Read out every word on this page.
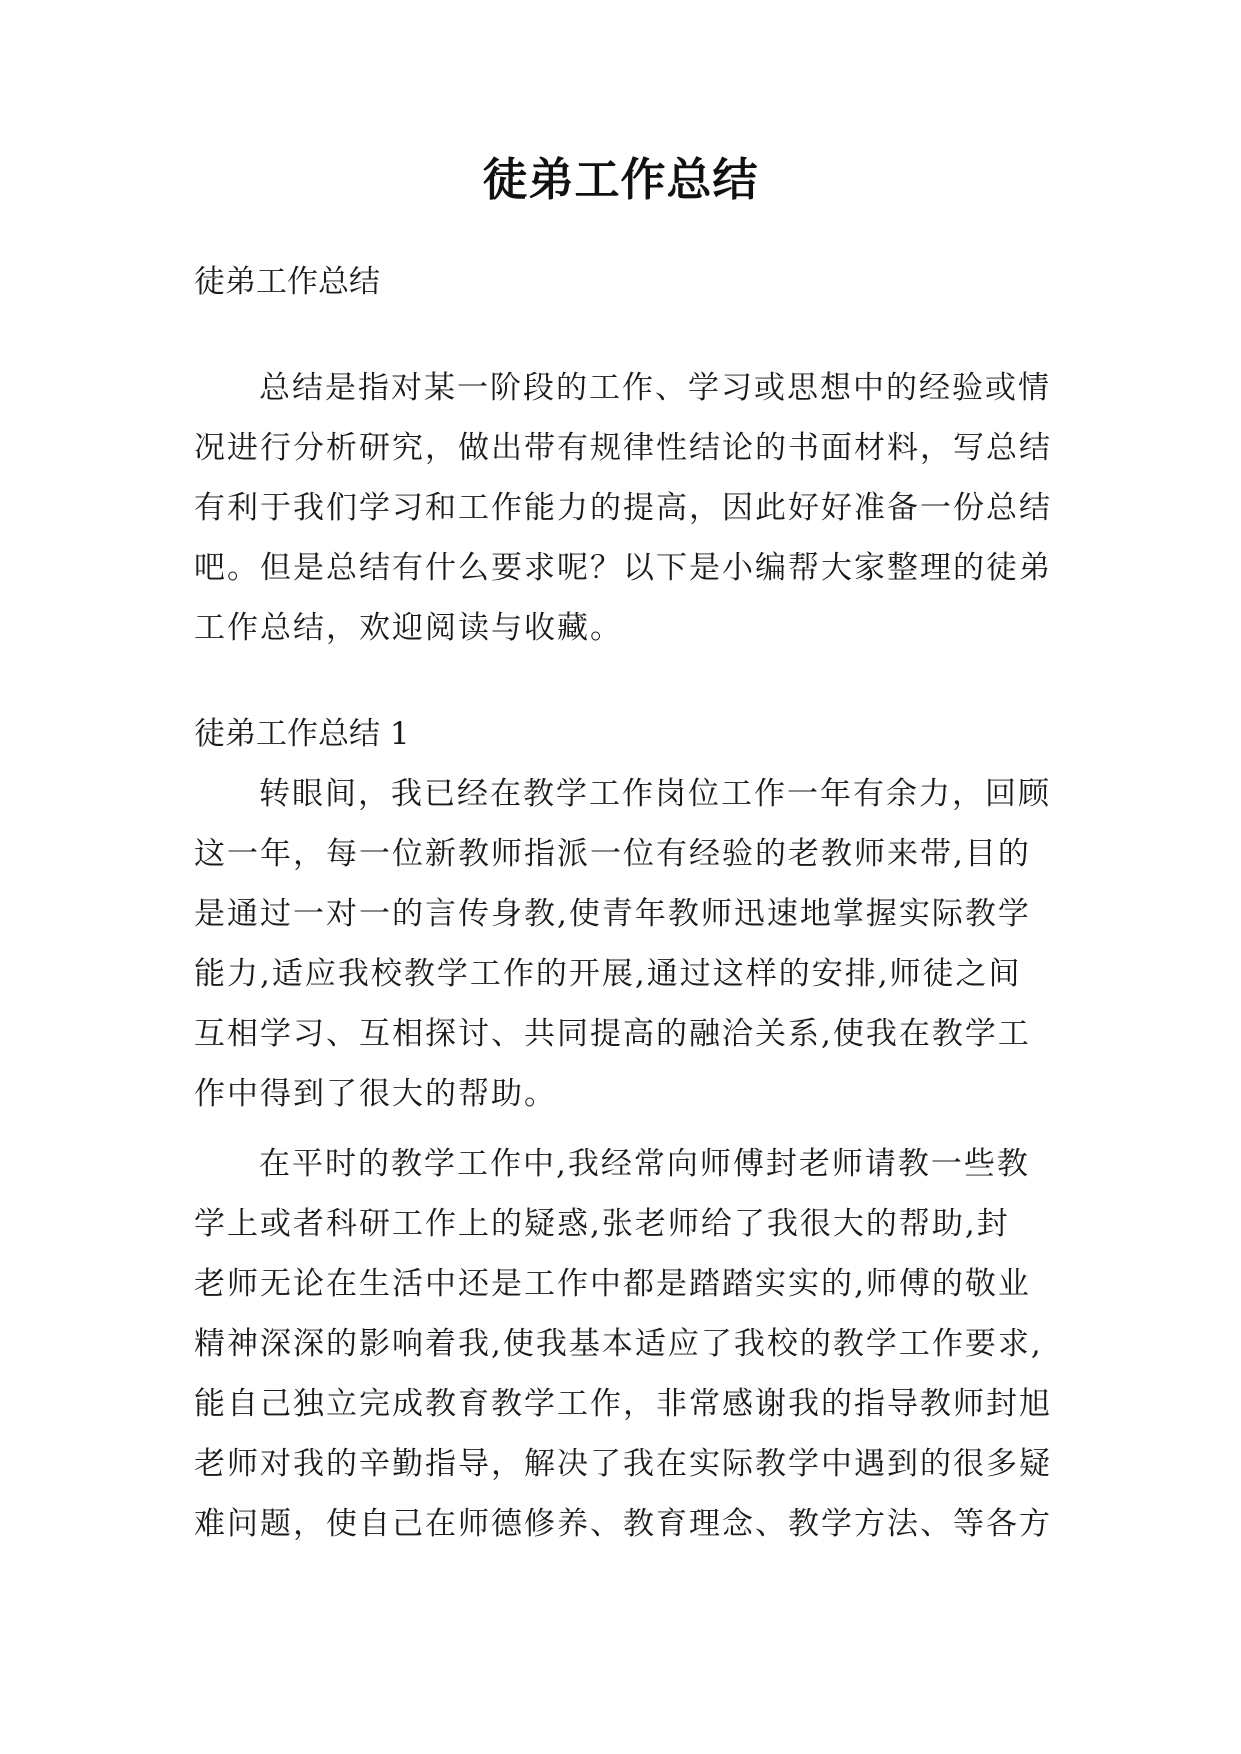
徒弟工作总结
徒弟工作总结
总结是指对某一阶段的工作、学习或思想中的经验或情
况进行分析研究，做出带有规律性结论的书面材料，写总结
有利于我们学习和工作能力的提高，因此好好准备一份总结
吧。但是总结有什么要求呢？以下是小编帮大家整理的徒弟
工作总结，欢迎阅读与收藏。
徒弟工作总结 1
转眼间，我已经在教学工作岗位工作一年有余力，回顾
这一年，每一位新教师指派一位有经验的老教师来带,目的
是通过一对一的言传身教,使青年教师迅速地掌握实际教学
能力,适应我校教学工作的开展,通过这样的安排,师徒之间
互相学习、互相探讨、共同提高的融洽关系,使我在教学工
作中得到了很大的帮助。
在平时的教学工作中,我经常向师傅封老师请教一些教
学上或者科研工作上的疑惑,张老师给了我很大的帮助,封
老师无论在生活中还是工作中都是踏踏实实的,师傅的敬业
精神深深的影响着我,使我基本适应了我校的教学工作要求,
能自己独立完成教育教学工作，非常感谢我的指导教师封旭
老师对我的辛勤指导，解决了我在实际教学中遇到的很多疑
难问题，使自己在师德修养、教育理念、教学方法、等各方
